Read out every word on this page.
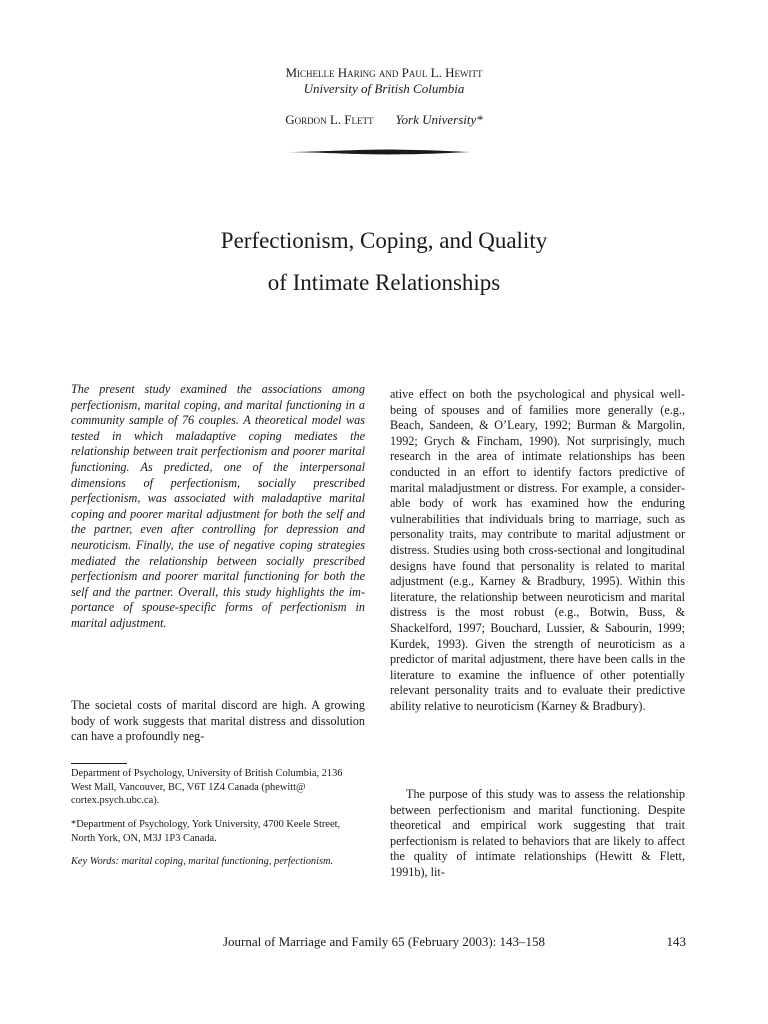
Michelle Haring and Paul L. Hewitt
University of British Columbia
Gordon L. Flett York University*
Perfectionism, Coping, and Quality
of Intimate Relationships
The present study examined the associations among perfectionism, marital coping, and marital functioning in a community sample of 76 couples. A theoretical model was tested in which maladaptive coping mediates the relationship between trait perfectionism and poorer marital functioning. As predicted, one of the interpersonal dimensions of perfectionism, socially prescribed perfectionism, was associated with maladaptive marital coping and poorer marital adjustment for both the self and the partner, even after controlling for depression and neuroticism. Finally, the use of negative coping strategies mediated the relationship between socially prescribed perfectionism and poorer marital functioning for both the self and the partner. Overall, this study highlights the importance of spouse-specific forms of perfectionism in marital adjustment.
The societal costs of marital discord are high. A growing body of work suggests that marital distress and dissolution can have a profoundly neg-
Department of Psychology, University of British Columbia, 2136 West Mall, Vancouver, BC, V6T 1Z4 Canada (phewitt@ cortex.psych.ubc.ca).
*Department of Psychology, York University, 4700 Keele Street, North York, ON, M3J 1P3 Canada.
Key Words: marital coping, marital functioning, perfectionism.
ative effect on both the psychological and physical well-being of spouses and of families more generally (e.g., Beach, Sandeen, & O’Leary, 1992; Burman & Margolin, 1992; Grych & Fincham, 1990). Not surprisingly, much research in the area of intimate relationships has been conducted in an effort to identify factors predictive of marital maladjustment or distress. For example, a considerable body of work has examined how the enduring vulnerabilities that individuals bring to marriage, such as personality traits, may contribute to marital adjustment or distress. Studies using both cross-sectional and longitudinal designs have found that personality is related to marital adjustment (e.g., Karney & Bradbury, 1995). Within this literature, the relationship between neuroticism and marital distress is the most robust (e.g., Botwin, Buss, & Shackelford, 1997; Bouchard, Lussier, & Sabourin, 1999; Kurdek, 1993). Given the strength of neuroticism as a predictor of marital adjustment, there have been calls in the literature to examine the influence of other potentially relevant personality traits and to evaluate their predictive ability relative to neuroticism (Karney & Bradbury).
The purpose of this study was to assess the relationship between perfectionism and marital functioning. Despite theoretical and empirical work suggesting that trait perfectionism is related to behaviors that are likely to affect the quality of intimate relationships (Hewitt & Flett, 1991b), lit-
Journal of Marriage and Family 65 (February 2003): 143–158	143
